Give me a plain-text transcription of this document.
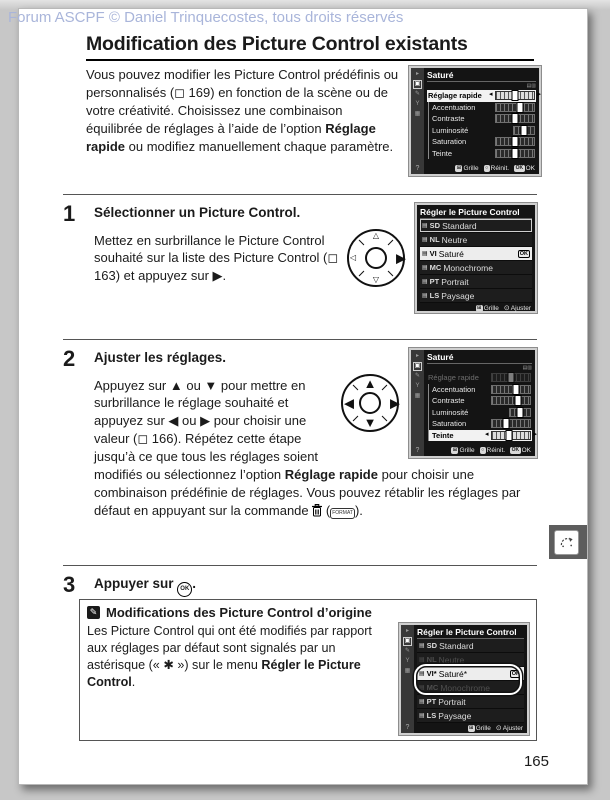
Forum ASCPF © Daniel Trinquecostes, tous droits réservés
Modification des Picture Control existants
▸
▣
✎
Y
▦
?
Saturé
▤▥
Réglage rapide
◂
▸
Accentuation
Contraste
Luminosité
Saturation
Teinte
⊞ Grille	○ Réinit.	OK OK

Vous pouvez modifier les Picture Control prédéfinis ou personnalisés (◻ 169) en fonction de la scène ou de votre créativité. Choisissez une combinaison équilibrée de réglages à l’aide de l’option Réglage rapide ou modifiez manuellement chaque paramètre.

1
△
▶
▽
◁
Régler le Picture Control
▤ SD Standard
▤ NL Neutre
▤ VI Saturé	OK
▤ MC Monochrome
▤ PT Portrait
▤ LS Paysage
⊞ Grille ⊙ Ajuster
Sélectionner un Picture Control.

Mettez en surbrillance le Picture Control souhaité sur la liste des Picture Control (◻ 163) et appuyez sur ▶.

2
▲
▶
▼
◀
▸
▣
✎
Y
▦
?
Saturé
▤▥
Réglage rapide
Accentuation
Contraste
Luminosité
Saturation
Teinte
◂
▸
⊞ Grille	○ Réinit.	OK OK
Ajuster les réglages.

Appuyez sur ▲ ou ▼ pour mettre en surbrillance le réglage souhaité et appuyez sur ◀ ou ▶ pour choisir une valeur (◻ 166). Répétez cette étape jusqu’à ce que tous les réglages soient modifiés ou sélectionnez l’option Réglage rapide pour choisir une combinaison prédéfinie de réglages. Vous pouvez rétablir les réglages par défaut en appuyant sur la commande  ( FORMAT ).

3	Appuyer sur OK .
✎ Modifications des Picture Control d’origine
▸
▣
✎
Y
▦
?
Régler le Picture Control
▤ SD Standard
▤ NL Neutre
▤ VI* Saturé*	OK
▤ MC Monochrome
▤ PT Portrait
▤ LS Paysage
⊞ Grille ⊙ Ajuster

Les Picture Control qui ont été modifiés par rapport aux réglages par défaut sont signalés par un astérisque (« ✱ ») sur le menu Régler le Picture Control.

165
